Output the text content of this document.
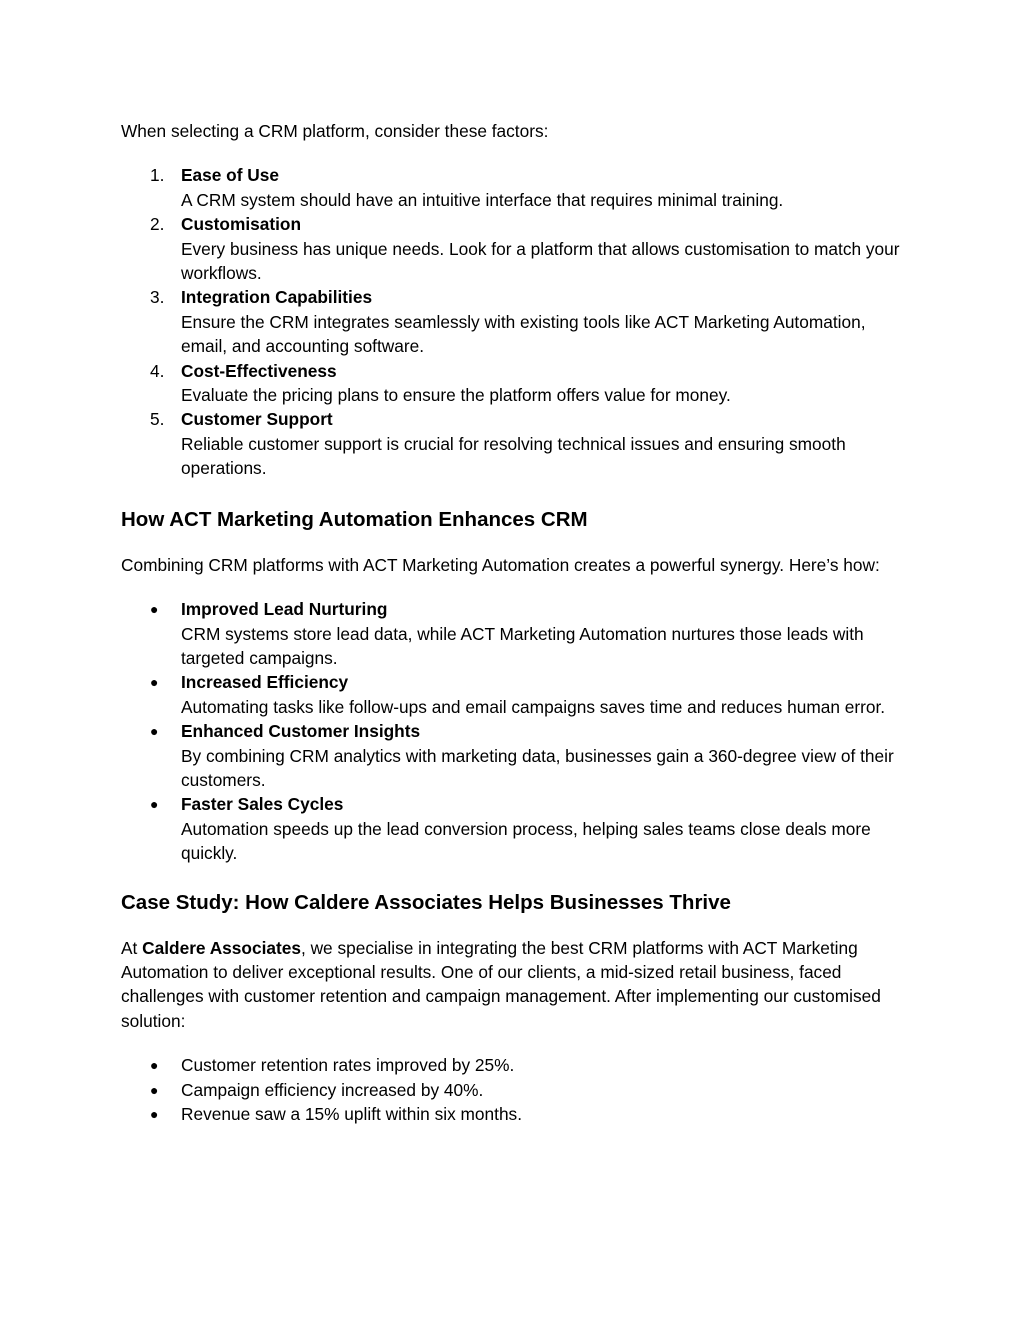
When selecting a CRM platform, consider these factors:

1. Ease of Use
A CRM system should have an intuitive interface that requires minimal training.
2. Customisation
Every business has unique needs. Look for a platform that allows customisation to match your workflows.
3. Integration Capabilities
Ensure the CRM integrates seamlessly with existing tools like ACT Marketing Automation, email, and accounting software.
4. Cost-Effectiveness
Evaluate the pricing plans to ensure the platform offers value for money.
5. Customer Support
Reliable customer support is crucial for resolving technical issues and ensuring smooth operations.
How ACT Marketing Automation Enhances CRM

Combining CRM platforms with ACT Marketing Automation creates a powerful synergy. Here’s how:

● Improved Lead Nurturing
CRM systems store lead data, while ACT Marketing Automation nurtures those leads with targeted campaigns.
● Increased Efficiency
Automating tasks like follow-ups and email campaigns saves time and reduces human error.
● Enhanced Customer Insights
By combining CRM analytics with marketing data, businesses gain a 360-degree view of their customers.
● Faster Sales Cycles
Automation speeds up the lead conversion process, helping sales teams close deals more quickly.
Case Study: How Caldere Associates Helps Businesses Thrive

At Caldere Associates, we specialise in integrating the best CRM platforms with ACT Marketing Automation to deliver exceptional results. One of our clients, a mid-sized retail business, faced challenges with customer retention and campaign management. After implementing our customised solution:

● Customer retention rates improved by 25%.
● Campaign efficiency increased by 40%.
● Revenue saw a 15% uplift within six months.
